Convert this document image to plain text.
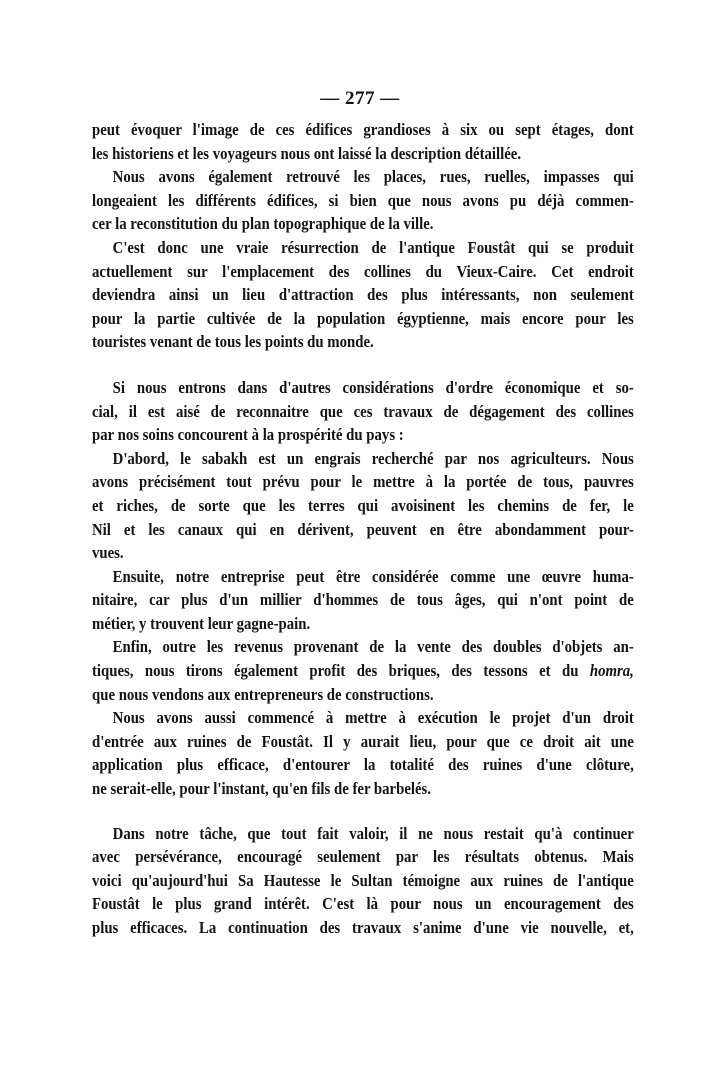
— 277 —
peut évoquer l'image de ces édifices grandioses à six ou sept étages, dont
les historiens et les voyageurs nous ont laissé la description détaillée.
Nous avons également retrouvé les places, rues, ruelles, impasses qui
longeaient les différents édifices, si bien que nous avons pu déjà commen-
cer la reconstitution du plan topographique de la ville.
C'est donc une vraie résurrection de l'antique Foustât qui se produit
actuellement sur l'emplacement des collines du Vieux-Caire. Cet endroit
deviendra ainsi un lieu d'attraction des plus intéressants, non seulement
pour la partie cultivée de la population égyptienne, mais encore pour les
touristes venant de tous les points du monde.
Si nous entrons dans d'autres considérations d'ordre économique et so-
cial, il est aisé de reconnaitre que ces travaux de dégagement des collines
par nos soins concourent à la prospérité du pays :
D'abord, le sabakh est un engrais recherché par nos agriculteurs. Nous
avons précisément tout prévu pour le mettre à la portée de tous, pauvres
et riches, de sorte que les terres qui avoisinent les chemins de fer, le
Nil et les canaux qui en dérivent, peuvent en être abondamment pour-
vues.
Ensuite, notre entreprise peut être considérée comme une œuvre huma-
nitaire, car plus d'un millier d'hommes de tous âges, qui n'ont point de
métier, y trouvent leur gagne-pain.
Enfin, outre les revenus provenant de la vente des doubles d'objets an-
tiques, nous tirons également profit des briques, des tessons et du homra,
que nous vendons aux entrepreneurs de constructions.
Nous avons aussi commencé à mettre à exécution le projet d'un droit
d'entrée aux ruines de Foustât. Il y aurait lieu, pour que ce droit ait une
application plus efficace, d'entourer la totalité des ruines d'une clôture,
ne serait-elle, pour l'instant, qu'en fils de fer barbelés.
Dans notre tâche, que tout fait valoir, il ne nous restait qu'à continuer
avec persévérance, encouragé seulement par les résultats obtenus. Mais
voici qu'aujourd'hui Sa Hautesse le Sultan témoigne aux ruines de l'antique
Foustât le plus grand intérêt. C'est là pour nous un encouragement des
plus efficaces. La continuation des travaux s'anime d'une vie nouvelle, et,
